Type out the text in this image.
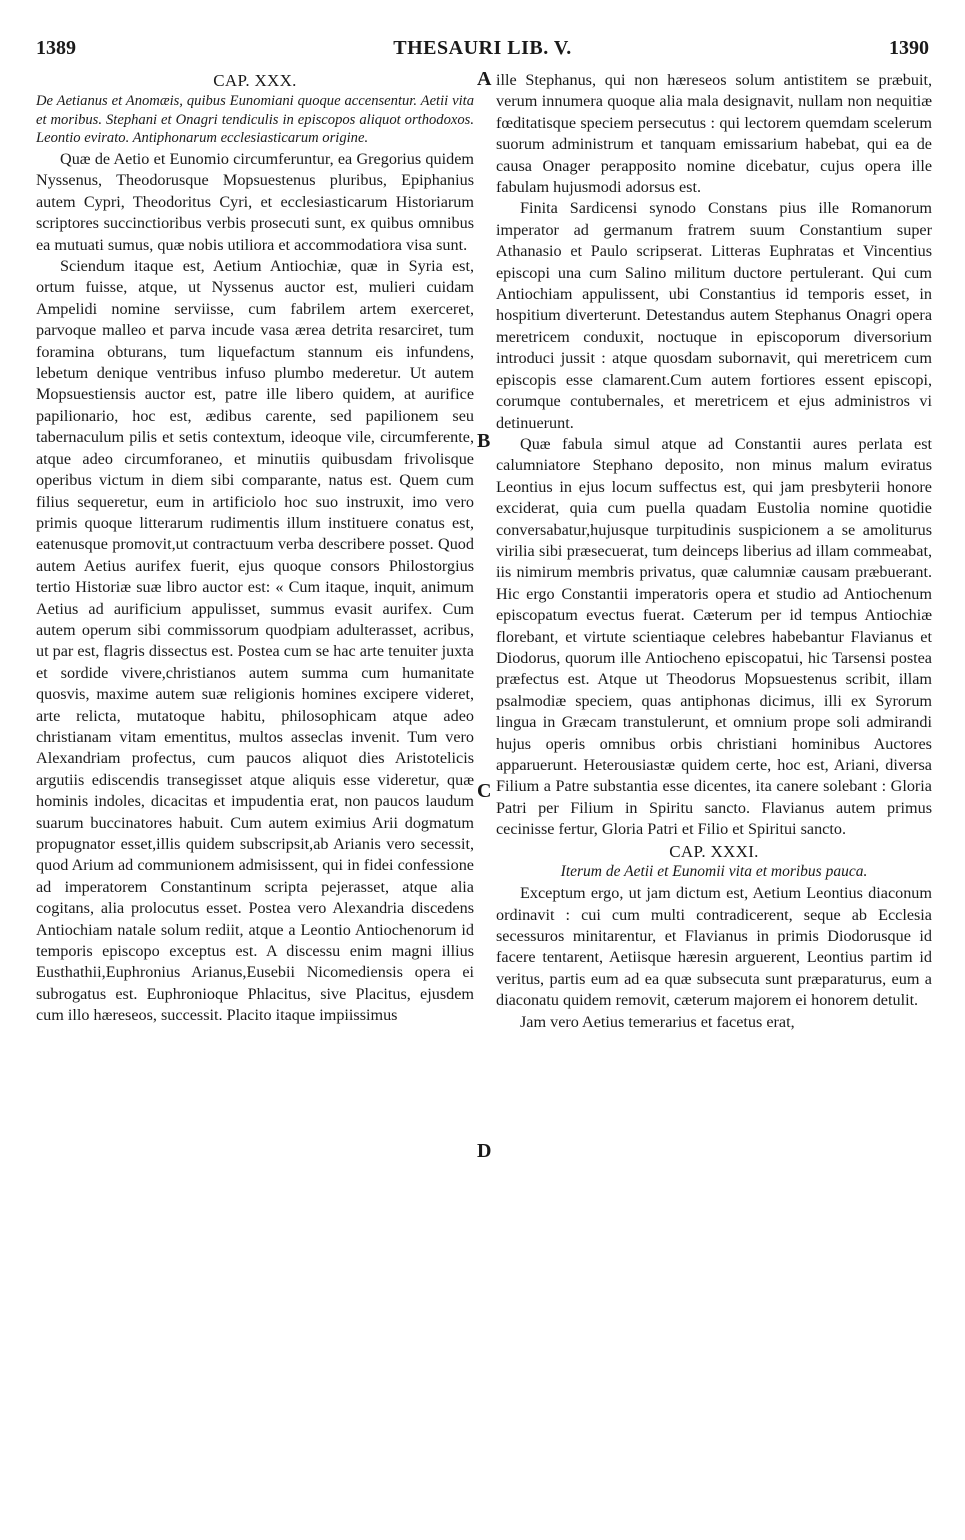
1389	THESAURI LIB. V.	1390
CAP. XXX.
De Aetianus et Anomæis, quibus Eunomiani quoque accensentur. Aetii vita et moribus. Stephani et Onagri tendiculis in episcopos aliquot orthodoxos. Leontio evirato. Antiphonarum ecclesiasticarum origine.

Quæ de Aetio et Eunomio circumferuntur, ea Gregorius quidem Nyssenus, Theodorusque Mopsuestenus pluribus, Epiphanius autem Cypri, Theodoritus Cyri, et ecclesiasticarum Historiarum scriptores succinctioribus verbis prosecuti sunt, ex quibus omnibus ea mutuati sumus, quæ nobis utiliora et accommodatiora visa sunt.

Sciendum itaque est, Aetium Antiochiæ, quæ in Syria est, ortum fuisse, atque, ut Nyssenus auctor est, mulieri cuidam Ampelidi nomine serviisse, cum fabrilem artem exerceret, parvoque malleo et parva incude vasa ærea detrita resarciret, tum foramina obturans, tum liquefactum stannum eis infundens, lebetum denique ventribus infuso plumbo mederetur. Ut autem Mopsuestiensis auctor est, patre ille libero quidem, at aurifice papilionario, hoc est, ædibus carente, sed papilionem seu tabernaculum pilis et setis contextum, ideoque vile, circumferente, atque adeo circumforaneo, et minutiis quibusdam frivolisque operibus victum in diem sibi comparante, natus est. Quem cum filius sequeretur, eum in artificiolo hoc suo instruxit, imo vero primis quoque litterarum rudimentis illum instituere conatus est, eatenusque promovit,ut contractuum verba describere posset. Quod autem Aetius aurifex fuerit, ejus quoque consors Philostorgius tertio Historiæ suæ libro auctor est: « Cum itaque, inquit, animum Aetius ad aurificium appulisset, summus evasit aurifex. Cum autem operum sibi commissorum quodpiam adulterasset, acribus, ut par est, flagris dissectus est. Postea cum se hac arte tenuiter juxta et sordide vivere,christianos autem summa cum humanitate quosvis, maxime autem suæ religionis homines excipere videret, arte relicta, mutatoque habitu, philosophicam atque adeo christianam vitam ementitus, multos asseclas invenit. Tum vero Alexandriam profectus, cum paucos aliquot dies Aristotelicis argutiis ediscendis transegisset atque aliquis esse videretur, quæ hominis indoles, dicacitas et impudentia erat, non paucos laudum suarum buccinatores habuit. Cum autem eximius Arii dogmatum propugnator esset,illis quidem subscripsit,ab Arianis vero secessit, quod Arium ad communionem admisissent, qui in fidei confessione ad imperatorem Constantinum scripta pejerasset, atque alia cogitans, alia prolocutus esset. Postea vero Alexandria discedens Antiochiam natale solum rediit, atque a Leontio Antiochenorum id temporis episcopo exceptus est. A discessu enim magni illius Eusthathii,Euphronius Arianus,Eusebii Nicomediensis opera ei subrogatus est. Euphronioque Phlacitus, sive Placitus, ejusdem cum illo hæreseos, successit. Placito itaque impiissimus

ille Stephanus, qui non hæreseos solum antistitem se præbuit, verum innumera quoque alia mala designavit, nullam non nequitiæ fœditatisque speciem persecutus : qui lectorem quemdam scelerum suorum administrum et tanquam emissarium habebat, qui ea de causa Onager perapposito nomine dicebatur, cujus opera ille fabulam hujusmodi adorsus est.

Finita Sardicensi synodo Constans pius ille Romanorum imperator ad germanum fratrem suum Constantium super Athanasio et Paulo scripserat. Litteras Euphratas et Vincentius episcopi una cum Salino militum ductore pertulerant. Qui cum Antiochiam appulissent, ubi Constantius id temporis esset, in hospitium diverterunt. Detestandus autem Stephanus Onagri opera meretricem conduxit, noctuque in episcoporum diversorium introduci jussit : atque quosdam subornavit, qui meretricem cum episcopis esse clamarent.Cum autem fortiores essent episcopi, corumque contubernales, et meretricem et ejus administros vi detinuerunt.

Quæ fabula simul atque ad Constantii aures perlata est calumniatore Stephano deposito, non minus malum eviratus Leontius in ejus locum suffectus est, qui jam presbyterii honore exciderat, quia cum puella quadam Eustolia nomine quotidie conversabatur,hujusque turpitudinis suspicionem a se amoliturus virilia sibi præsecuerat, tum deinceps liberius ad illam commeabat, iis nimirum membris privatus, quæ calumniæ causam præbuerant. Hic ergo Constantii imperatoris opera et studio ad Antiochenum episcopatum evectus fuerat. Cæterum per id tempus Antiochiæ florebant, et virtute scientiaque celebres habebantur Flavianus et Diodorus, quorum ille Antiocheno episcopatui, hic Tarsensi postea præfectus est. Atque ut Theodorus Mopsuestenus scribit, illam psalmodiæ speciem, quas antiphonas dicimus, illi ex Syrorum lingua in Græcam transtulerunt, et omnium prope soli admirandi hujus operis omnibus orbis christiani hominibus Auctores apparuerunt. Heterousiastæ quidem certe, hoc est, Ariani, diversa Filium a Patre substantia esse dicentes, ita canere solebant : Gloria Patri per Filium in Spiritu sancto. Flavianus autem primus cecinisse fertur, Gloria Patri et Filio et Spiritui sancto.

CAP. XXXI.
Iterum de Aetii et Eunomii vita et moribus pauca.

Exceptum ergo, ut jam dictum est, Aetium Leontius diaconum ordinavit : cui cum multi contradicerent, seque ab Ecclesia secessuros minitarentur, et Flavianus in primis Diodorusque id facere tentarent, Aetiisque hæresin arguerent, Leontius partim id veritus, partis eum ad ea quæ subsecuta sunt præparaturus, eum a diaconatu quidem removit, cæterum majorem ei honorem detulit.

Jam vero Aetius temerarius et facetus erat,

A
B
C
D
